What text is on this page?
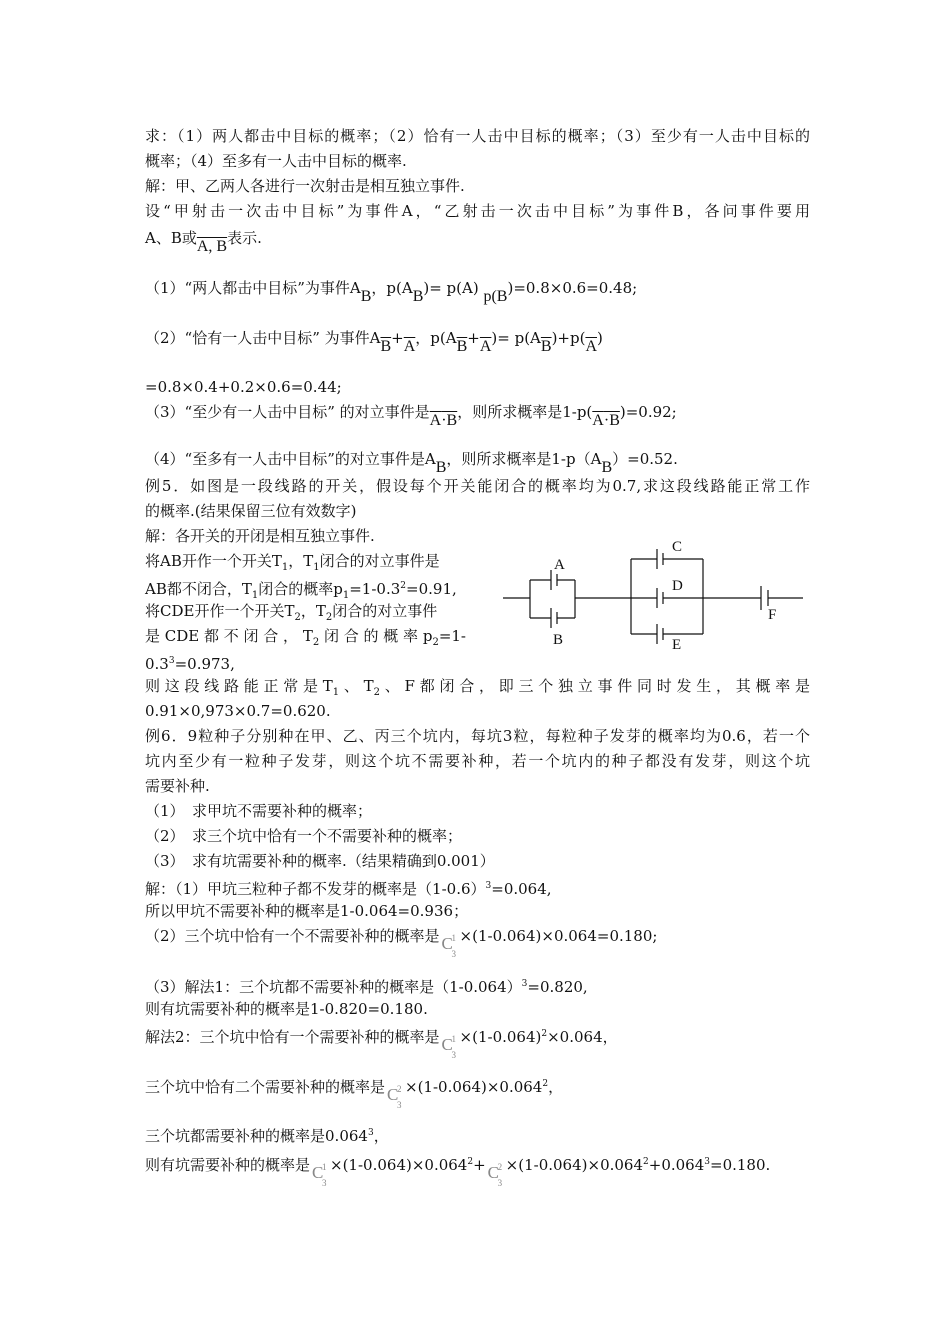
求：（1）两人都击中目标的概率；（2）恰有一人击中目标的概率；（3）至少有一人击中目标的
概率；（4）至多有一人击中目标的概率.
解：甲、乙两人各进行一次射击是相互独立事件.
设“甲射击一次击中目标”为事件A，“乙射击一次击中目标”为事件B，各问事件要用
A、B或A, B表示.
（1）“两人都击中目标”为事件AB，p(AB)= p(A) p(B)=0.8×0.6=0.48;
（2）“恰有一人击中目标” 为事件$A\overline{B}+\overline{A}$，$p(A\overline{B}+\overline{A})= p(A\overline{B})+p(\overline{A})$
=0.8×0.4+0.2×0.6=0.44;
（3）“至少有一人击中目标” 的对立事件是$\overline{A}\cdot B$，则所求概率是$1-p(\overline{A}\cdot B)=0.92$;
（4）“至多有一人击中目标”的对立事件是AB，则所求概率是1-p（AB）=0.52.
例5．如图是一段线路的开关，假设每个开关能闭合的概率均为0.7,求这段线路能正常工作
的概率.(结果保留三位有效数字)
解：各开关的开闭是相互独立事件.
将AB开作一个开关$T_1$，$T_1$闭合的对立事件是
AB都不闭合，$T_1$闭合的概率$p_1=1-0.3^2=0.91$,
将CDE开作一个开关$T_2$，$T_2$闭合的对立事件
是 CDE 都 不 闭 合 ， $T_2$ 闭 合 的 概 率 $p_2=1-$
$0.3^3=0.973$,
A
B
C
D
E
F
则这段线路能正常是$T_1$、$T_2$、F都闭合，即三个独立事件同时发生，其概率是
0.91×0,973×0.7=0.620.
例6．9粒种子分别种在甲、乙、丙三个坑内，每坑3粒，每粒种子发芽的概率均为0.6，若一个
坑内至少有一粒种子发芽，则这个坑不需要补种，若一个坑内的种子都没有发芽，则这个坑
需要补种.
（1）　求甲坑不需要补种的概率；
（2）　求三个坑中恰有一个不需要补种的概率；
（3）　求有坑需要补种的概率.（结果精确到0.001）
解：（1）甲坑三粒种子都不发芽的概率是$(1-0.6)^3=0.064$,
所以甲坑不需要补种的概率是1-0.064=0.936；
（2）三个坑中恰有一个不需要补种的概率是 C
1
3
×(1-0.064)×0.064=0.180;
（3）解法1：三个坑都不需要补种的概率是$(1-0.064)^3=0.820$,
则有坑需要补种的概率是1-0.820=0.180.
解法2：三个坑中恰有一个需要补种的概率是 C
1
3
$\times(1-0.064)^2\times 0.064$，
三个坑中恰有二个需要补种的概率是 C
2
3
$\times(1-0.064)\times 0.064^2$，
三个坑都需要补种的概率是0.064$^3$，
则有坑需要补种的概率是 C
1
3
$\times(1-0.064)\times 0.064^2+ C$
2
3
$\times(1-0.064)\times 0.064^2+0.064^3=0.180$.
